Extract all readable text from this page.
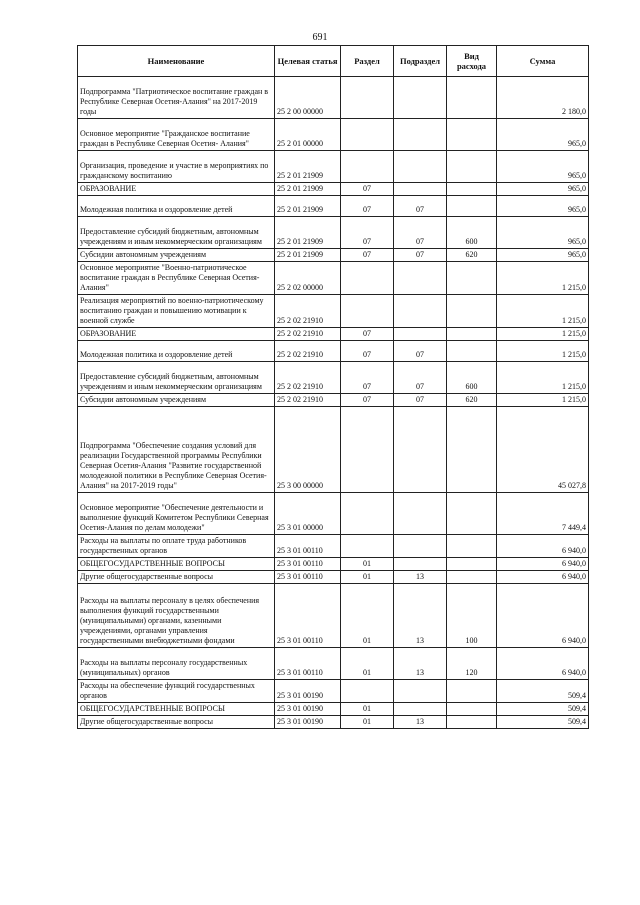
691
Наименование	Целевая статья	Раздел	Подраздел	Вид расхода	Сумма
Подпрограмма "Патриотическое воспитание граждан в Республике Северная Осетия-Алания" на 2017-2019 годы	25 2 00 00000				2 180,0
Основное мероприятие "Гражданское воспитание граждан в Республике Северная Осетия- Алания"	25 2 01 00000				965,0
Организация, проведение и участие в мероприятиях по гражданскому воспитанию	25 2 01 21909				965,0
ОБРАЗОВАНИЕ	25 2 01 21909	07			965,0
Молодежная политика и оздоровление детей	25 2 01 21909	07	07		965,0
Предоставление субсидий бюджетным, автономным учреждениям и иным некоммерческим организациям	25 2 01 21909	07	07	600	965,0
Субсидии автономным учреждениям	25 2 01 21909	07	07	620	965,0
Основное мероприятие "Военно-патриотическое воспитание граждан в Республике Северная Осетия- Алания"	25 2 02 00000				1 215,0
Реализация мероприятий по военно-патриотическому воспитанию граждан и повышению мотивации к военной службе	25 2 02 21910				1 215,0
ОБРАЗОВАНИЕ	25 2 02 21910	07			1 215,0
Молодежная политика и оздоровление детей	25 2 02 21910	07	07		1 215,0
Предоставление субсидий бюджетным, автономным учреждениям и иным некоммерческим организациям	25 2 02 21910	07	07	600	1 215,0
Субсидии автономным учреждениям	25 2 02 21910	07	07	620	1 215,0
Подпрограмма "Обеспечение создания условий для реализации Государственной программы Республики Северная Осетия-Алания "Развитие государственной молодежной политики в Республике Северная Осетия-Алания" на 2017-2019 годы"	25 3 00 00000				45 027,8
Основное мероприятие "Обеспечение деятельности и выполнение функций Комитетом Республики Северная Осетия-Алания по делам молодежи"	25 3 01 00000				7 449,4
Расходы на выплаты по оплате труда работников государственных органов	25 3 01 00110				6 940,0
ОБЩЕГОСУДАРСТВЕННЫЕ ВОПРОСЫ	25 3 01 00110	01			6 940,0
Другие общегосударственные вопросы	25 3 01 00110	01	13		6 940,0
Расходы на выплаты персоналу в целях обеспечения выполнения функций государственными (муниципальными) органами, казенными учреждениями, органами управления государственными внебюджетными фондами	25 3 01 00110	01	13	100	6 940,0
Расходы на выплаты персоналу государственных (муниципальных) органов	25 3 01 00110	01	13	120	6 940,0
Расходы на обеспечение функций государственных органов	25 3 01 00190				509,4
ОБЩЕГОСУДАРСТВЕННЫЕ ВОПРОСЫ	25 3 01 00190	01			509,4
Другие общегосударственные вопросы	25 3 01 00190	01	13		509,4
